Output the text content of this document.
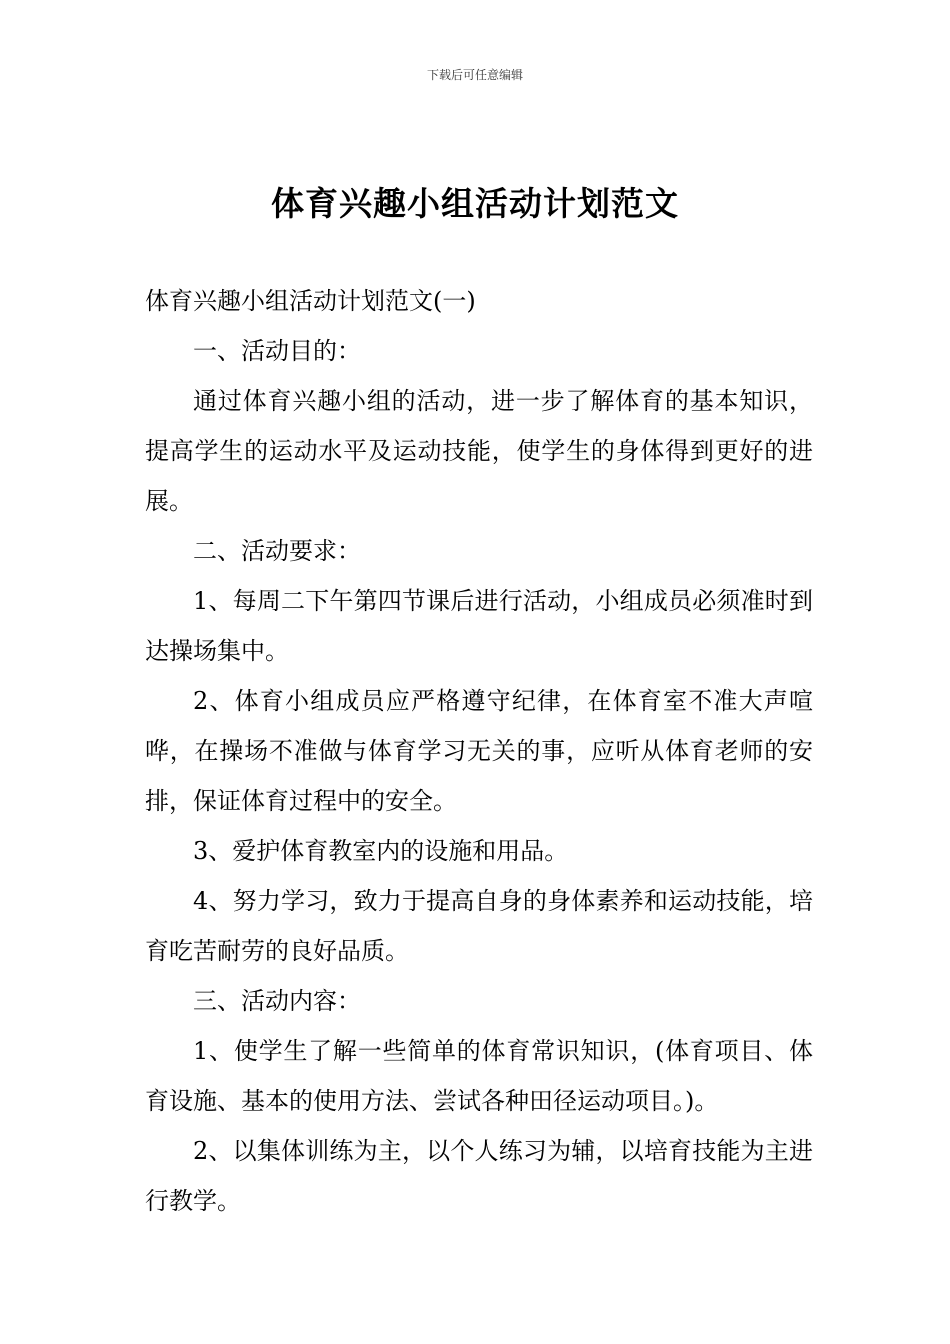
下载后可任意编辑
体育兴趣小组活动计划范文

体育兴趣小组活动计划范文(一)

一、活动目的：

通过体育兴趣小组的活动，进一步了解体育的基本知识，提高学生的运动水平及运动技能，使学生的身体得到更好的进展。

二、活动要求：

1、每周二下午第四节课后进行活动，小组成员必须准时到达操场集中。

2、体育小组成员应严格遵守纪律，在体育室不准大声喧哗，在操场不准做与体育学习无关的事，应听从体育老师的安排，保证体育过程中的安全。

3、爱护体育教室内的设施和用品。

4、努力学习，致力于提高自身的身体素养和运动技能，培育吃苦耐劳的良好品质。

三、活动内容：

1、使学生了解一些简单的体育常识知识，(体育项目、体育设施、基本的使用方法、尝试各种田径运动项目。)。

2、以集体训练为主，以个人练习为辅，以培育技能为主进行教学。
